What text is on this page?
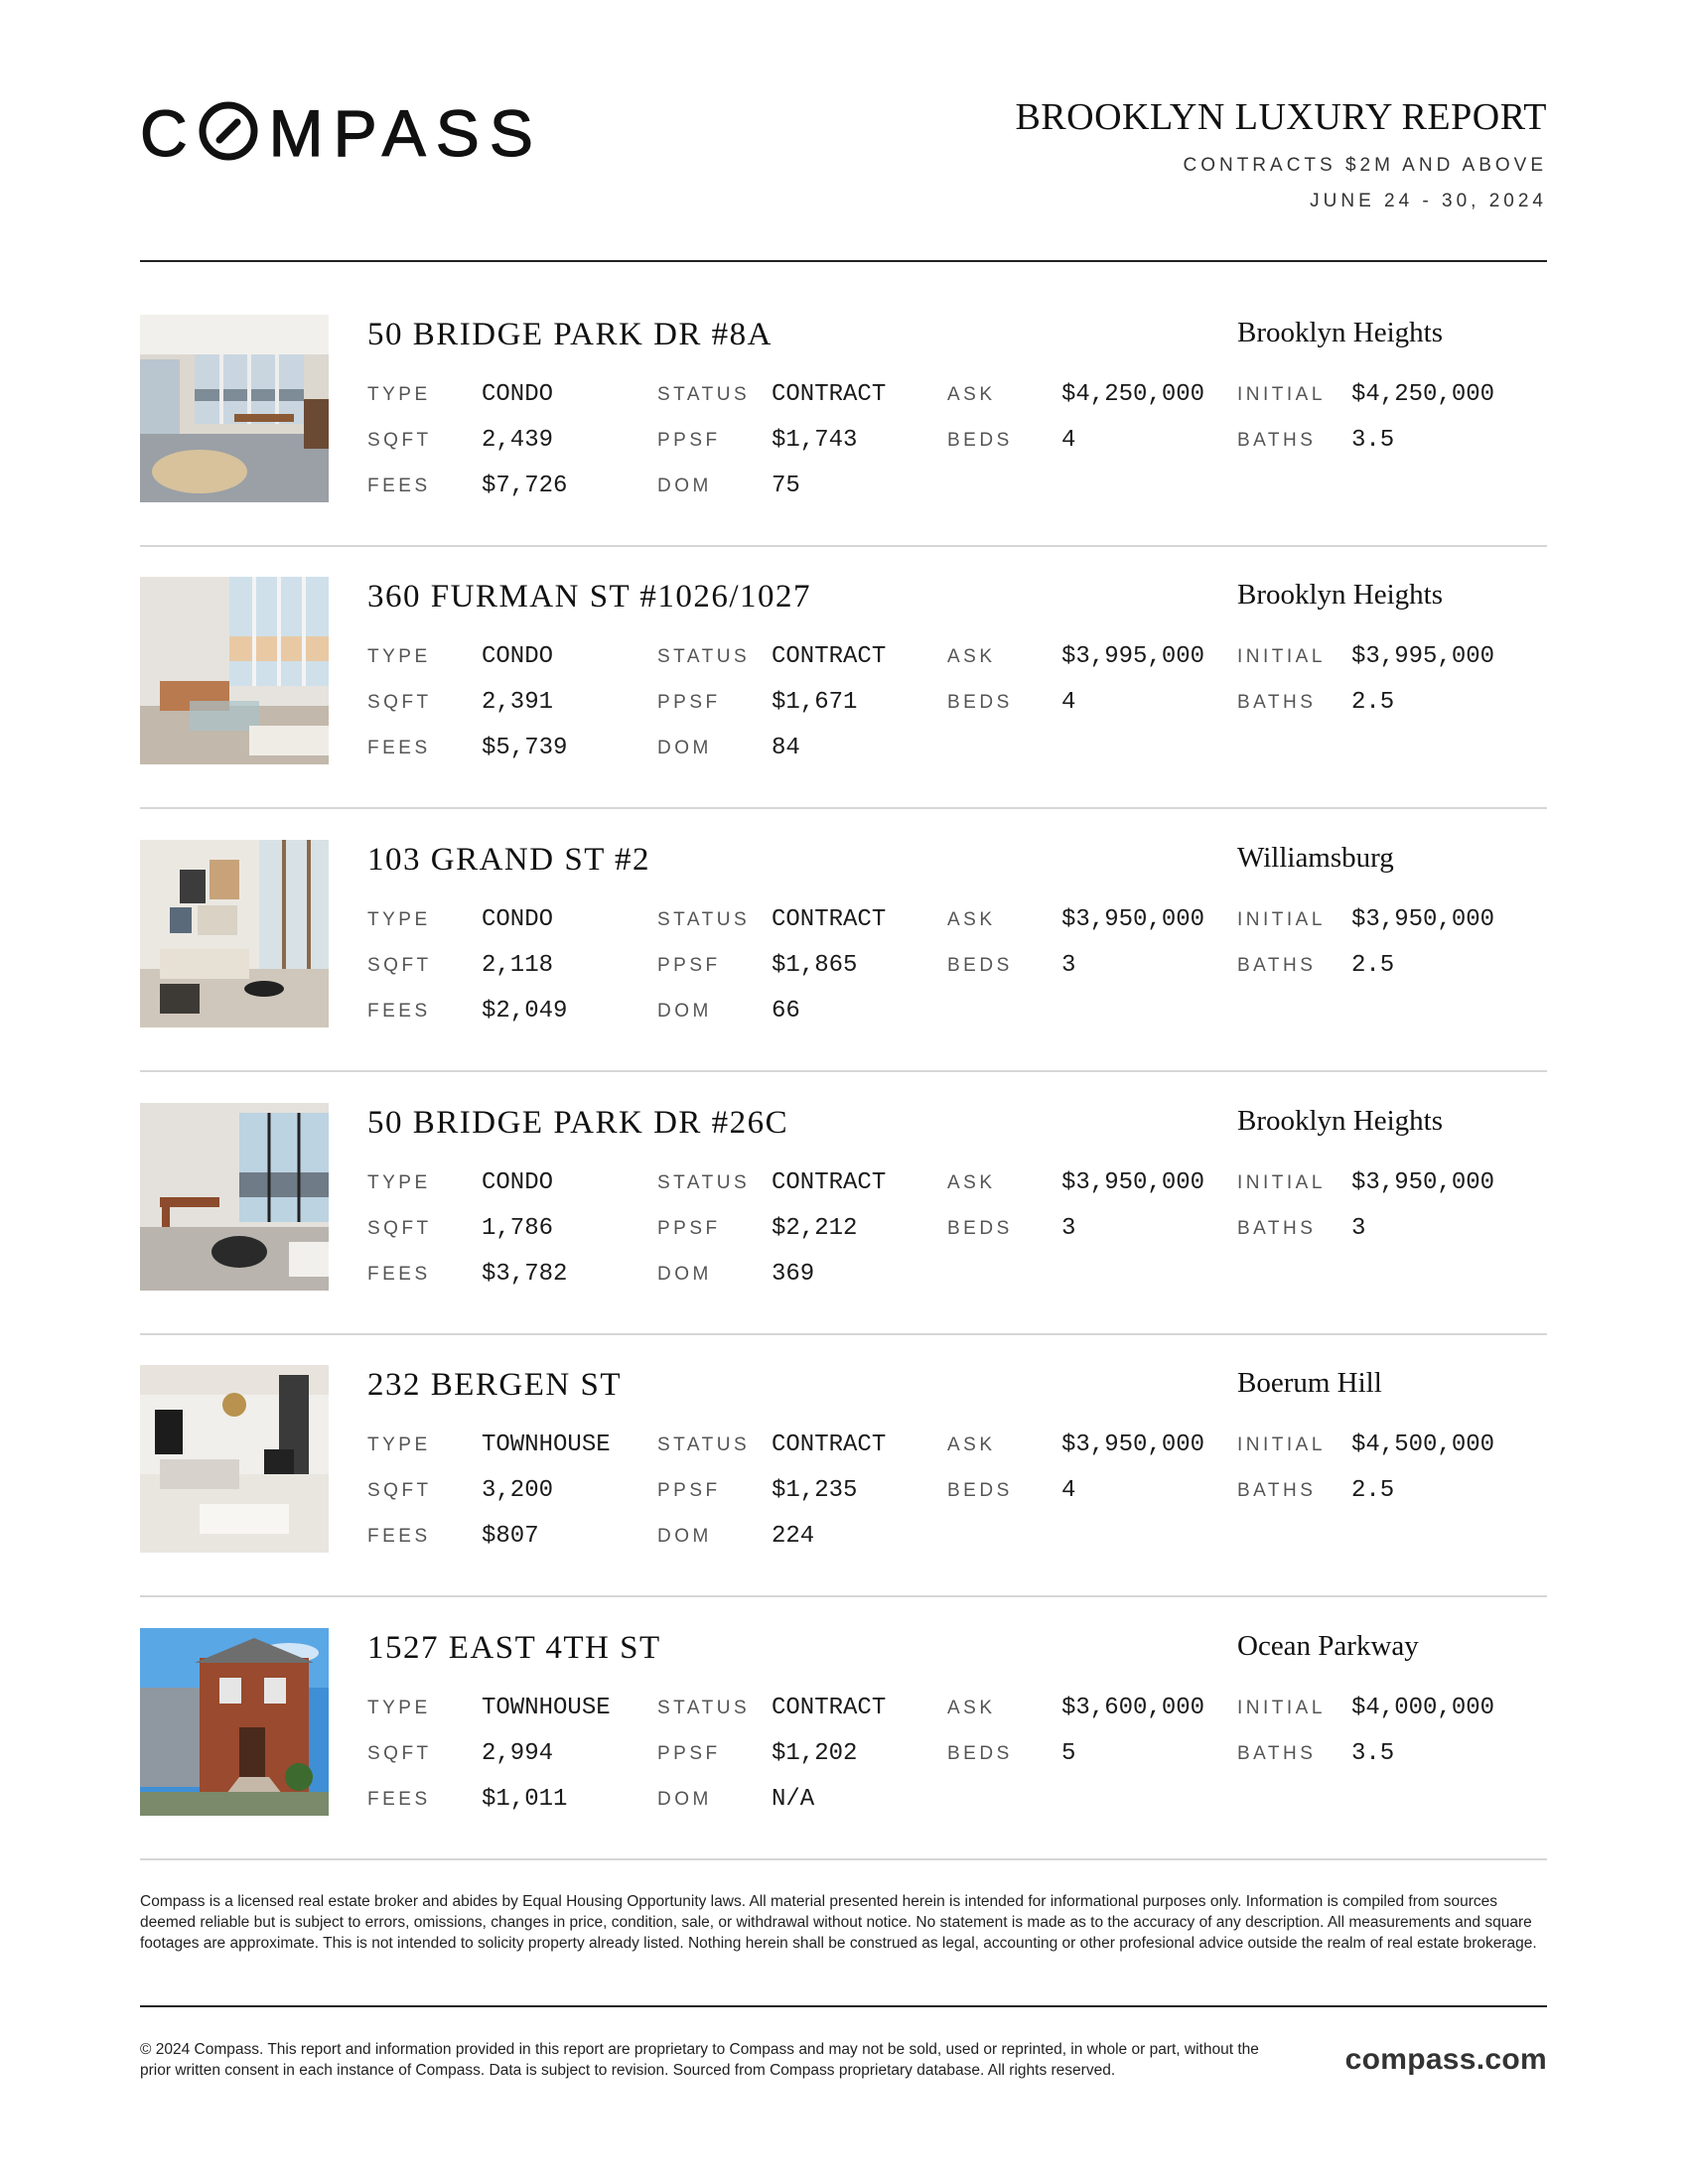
C MPASS	BROOKLYN LUXURY REPORT
CONTRACTS $2M AND ABOVE
JUNE 24 - 30, 2024
50 BRIDGE PARK DR #8A	Brooklyn Heights
TYPE CONDO	STATUS CONTRACT	ASK	$4,250,000 INITIAL $4,250,000
SQFT 2,439	PPSF $1,743	BEDS 4	BATHS 3.5
FEES $7,726	DOM	75
360 FURMAN ST #1026/1027	Brooklyn Heights
TYPE CONDO	STATUS CONTRACT	ASK	$3,995,000 INITIAL $3,995,000
SQFT 2,391	PPSF $1,671	BEDS 4	BATHS 2.5
FEES $5,739	DOM	84
103 GRAND ST #2	Williamsburg
TYPE CONDO	STATUS CONTRACT	ASK	$3,950,000 INITIAL $3,950,000
SQFT 2,118	PPSF $1,865	BEDS 3	BATHS 2.5
FEES $2,049	DOM	66
50 BRIDGE PARK DR #26C	Brooklyn Heights
TYPE CONDO	STATUS CONTRACT	ASK	$3,950,000 INITIAL $3,950,000
SQFT 1,786	PPSF $2,212	BEDS 3	BATHS 3
FEES $3,782	DOM	369
232 BERGEN ST	Boerum Hill
TYPE TOWNHOUSE STATUS CONTRACT	ASK	$3,950,000 INITIAL $4,500,000
SQFT 3,200	PPSF $1,235	BEDS 4	BATHS 2.5
FEES $807	DOM	224
1527 EAST 4TH ST	Ocean Parkway
TYPE TOWNHOUSE STATUS CONTRACT	ASK	$3,600,000 INITIAL $4,000,000
SQFT 2,994	PPSF $1,202	BEDS 5	BATHS 3.5
FEES $1,011	DOM	N/A
Compass is a licensed real estate broker and abides by Equal Housing Opportunity laws. All material presented herein is intended for informational purposes only. Information is compiled from sources deemed reliable but is subject to errors, omissions, changes in price, condition, sale, or withdrawal without notice. No statement is made as to the accuracy of any description. All measurements and square footages are approximate. This is not intended to solicity property already listed. Nothing herein shall be construed as legal, accounting or other profesional advice outside the realm of real estate brokerage.
© 2024 Compass. This report and information provided in this report are proprietary to Compass and may not be sold, used or reprinted, in whole or part, without the prior written consent in each instance of Compass. Data is subject to revision. Sourced from Compass proprietary database. All rights reserved.	compass.com
